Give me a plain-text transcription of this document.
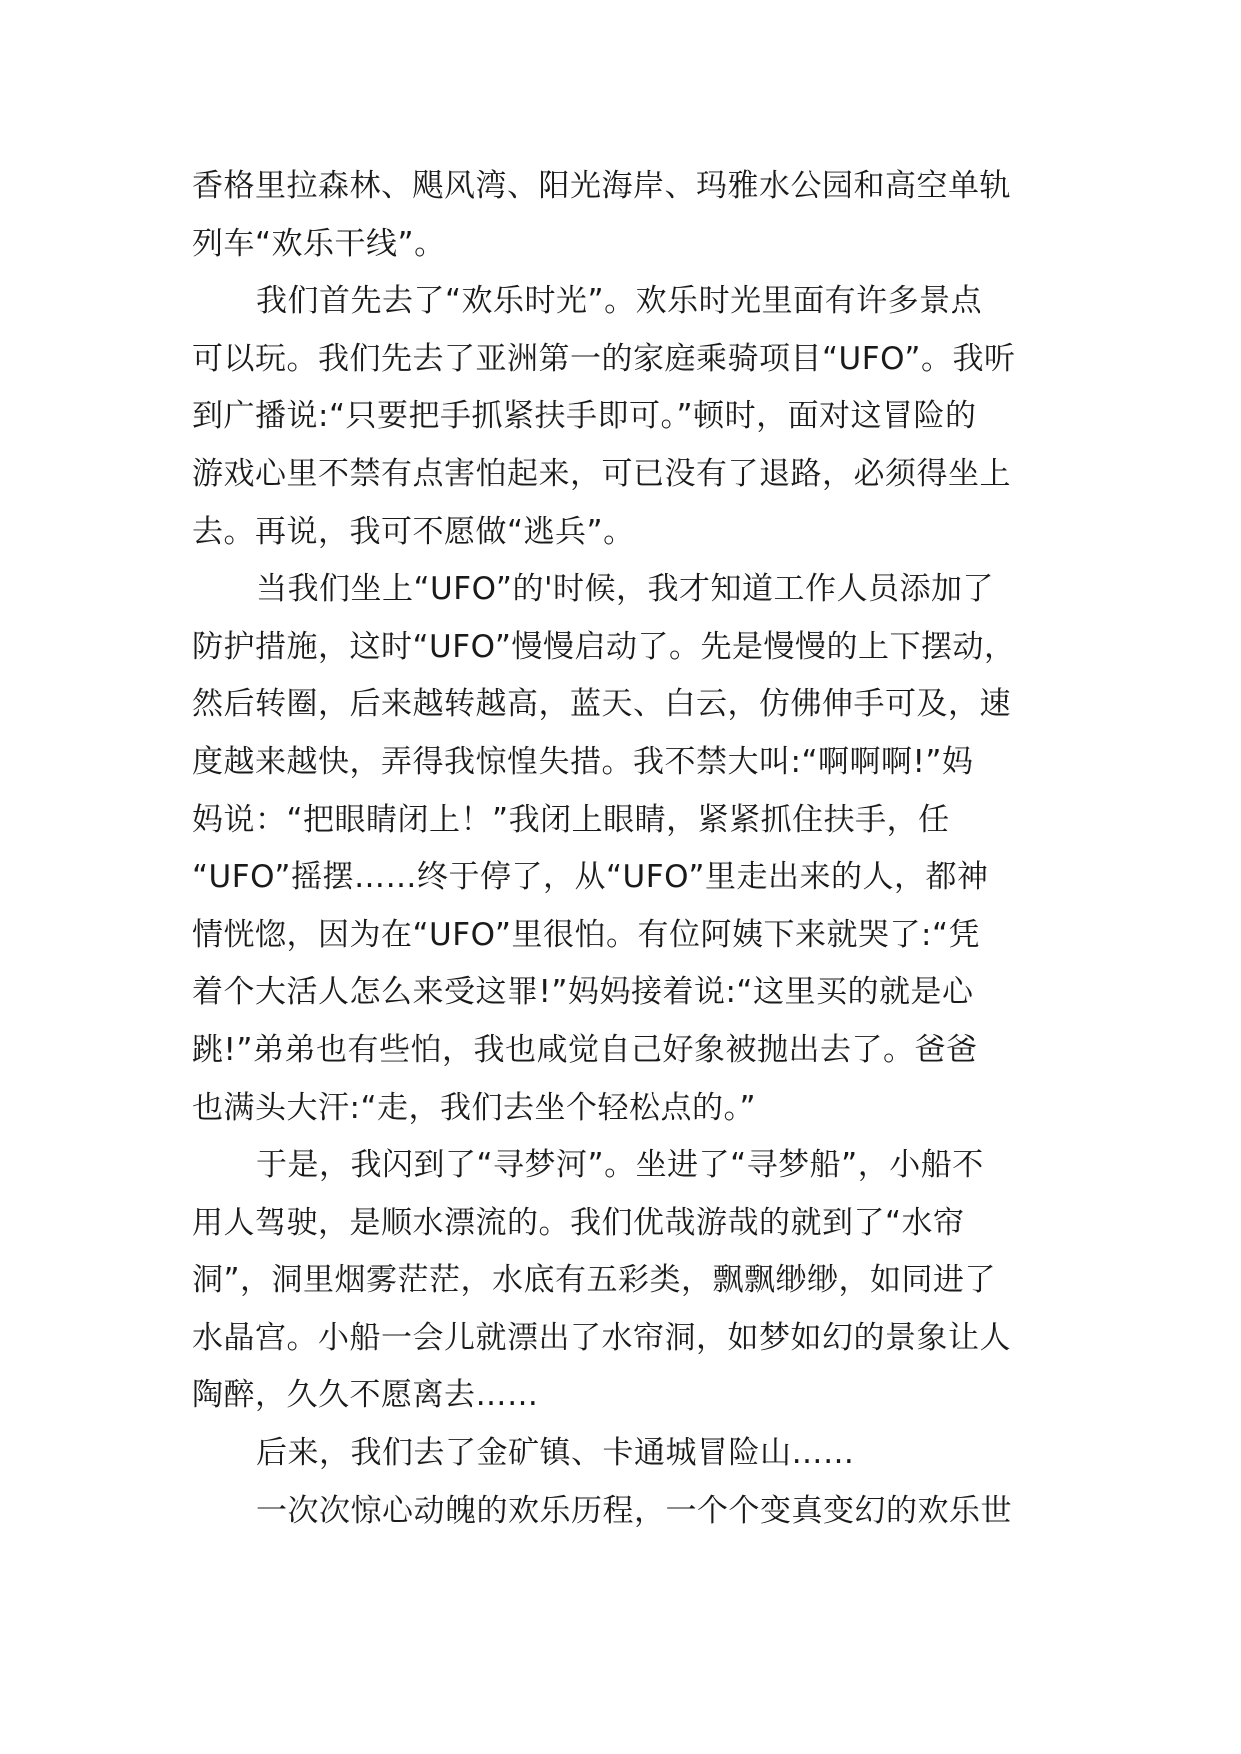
香格里拉森林、飓风湾、阳光海岸、玛雅水公园和高空单轨
列车“欢乐干线”。
我们首先去了“欢乐时光”。欢乐时光里面有许多景点
可以玩。我们先去了亚洲第一的家庭乘骑项目“UFO”。我听
到广播说:“只要把手抓紧扶手即可。”顿时，面对这冒险的
游戏心里不禁有点害怕起来，可已没有了退路，必须得坐上
去。再说，我可不愿做“逃兵”。
当我们坐上“UFO”的'时候，我才知道工作人员添加了
防护措施，这时“UFO”慢慢启动了。先是慢慢的上下摆动，
然后转圈，后来越转越高，蓝天、白云，仿佛伸手可及，速
度越来越快，弄得我惊惶失措。我不禁大叫:“啊啊啊!”妈
妈说：“把眼睛闭上！”我闭上眼睛，紧紧抓住扶手，任
“UFO”摇摆……终于停了，从“UFO”里走出来的人，都神
情恍惚，因为在“UFO”里很怕。有位阿姨下来就哭了:“凭
着个大活人怎么来受这罪!”妈妈接着说:“这里买的就是心
跳!”弟弟也有些怕，我也咸觉自己好象被抛出去了。爸爸
也满头大汗:“走，我们去坐个轻松点的。”
于是，我闪到了“寻梦河”。坐进了“寻梦船”，小船不
用人驾驶，是顺水漂流的。我们优哉游哉的就到了“水帘
洞”，洞里烟雾茫茫，水底有五彩类，飘飘缈缈，如同进了
水晶宫。小船一会儿就漂出了水帘洞，如梦如幻的景象让人
陶醉，久久不愿离去……
后来，我们去了金矿镇、卡通城冒险山……
一次次惊心动魄的欢乐历程，一个个变真变幻的欢乐世
